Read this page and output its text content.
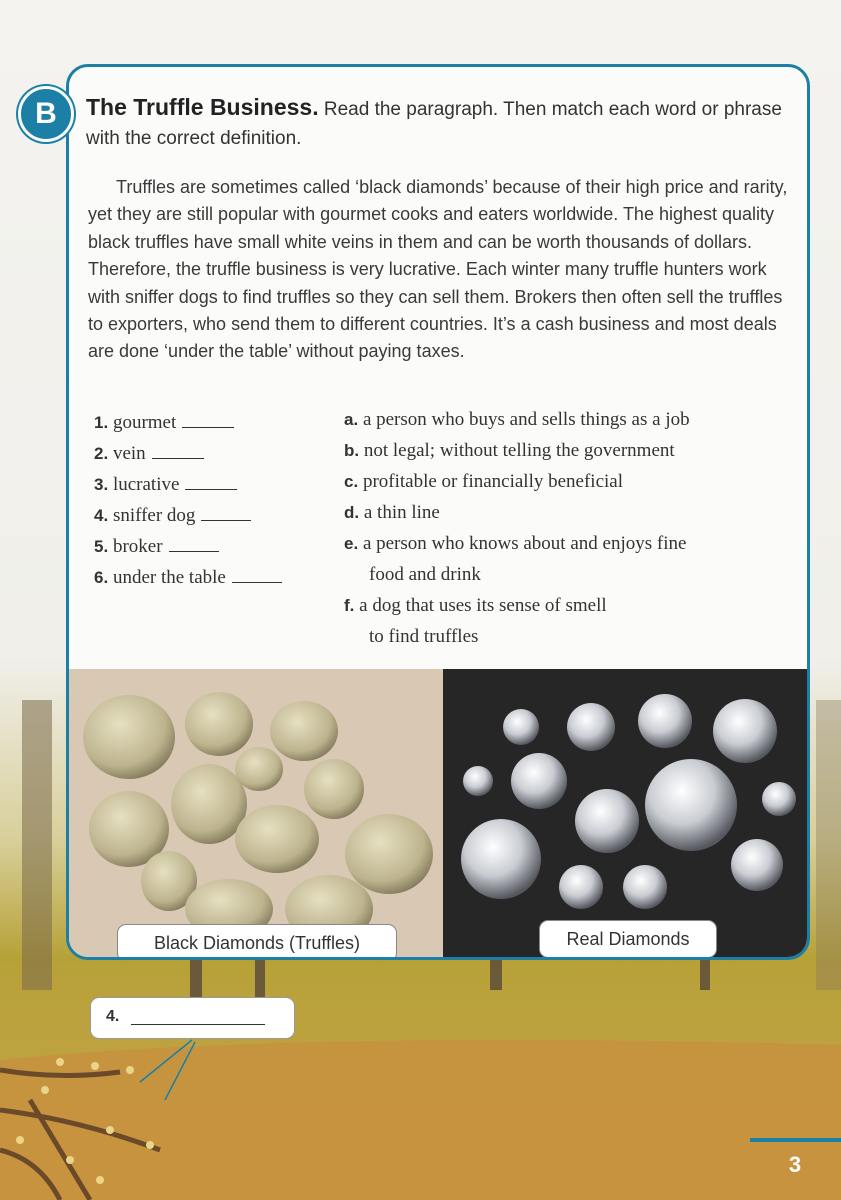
Black Diamonds (Truffles)	Real Diamonds
B	The Truffle Business. Read the paragraph. Then match each word or phrase with the correct definition.

Truffles are sometimes called ‘black diamonds’ because of their high price and rarity, yet they are still popular with gourmet cooks and eaters worldwide. The highest quality black truffles have small white veins in them and can be worth thousands of dollars. Therefore, the truffle business is very lucrative. Each winter many truffle hunters work with sniffer dogs to find truffles so they can sell them. Brokers then often sell the truffles to exporters, who send them to different countries. It’s a cash business and most deals are done ‘under the table’ without paying taxes.

1. gourmet
2. vein
3. lucrative
4. sniffer dog
5. broker
6. under the table
a. a person who buys and sells things as a job
b. not legal; without telling the government
c. profitable or financially beneficial
d. a thin line
e. a person who knows about and enjoys fine
food and drink
f. a dog that uses its sense of smell
to find truffles
4.
3
